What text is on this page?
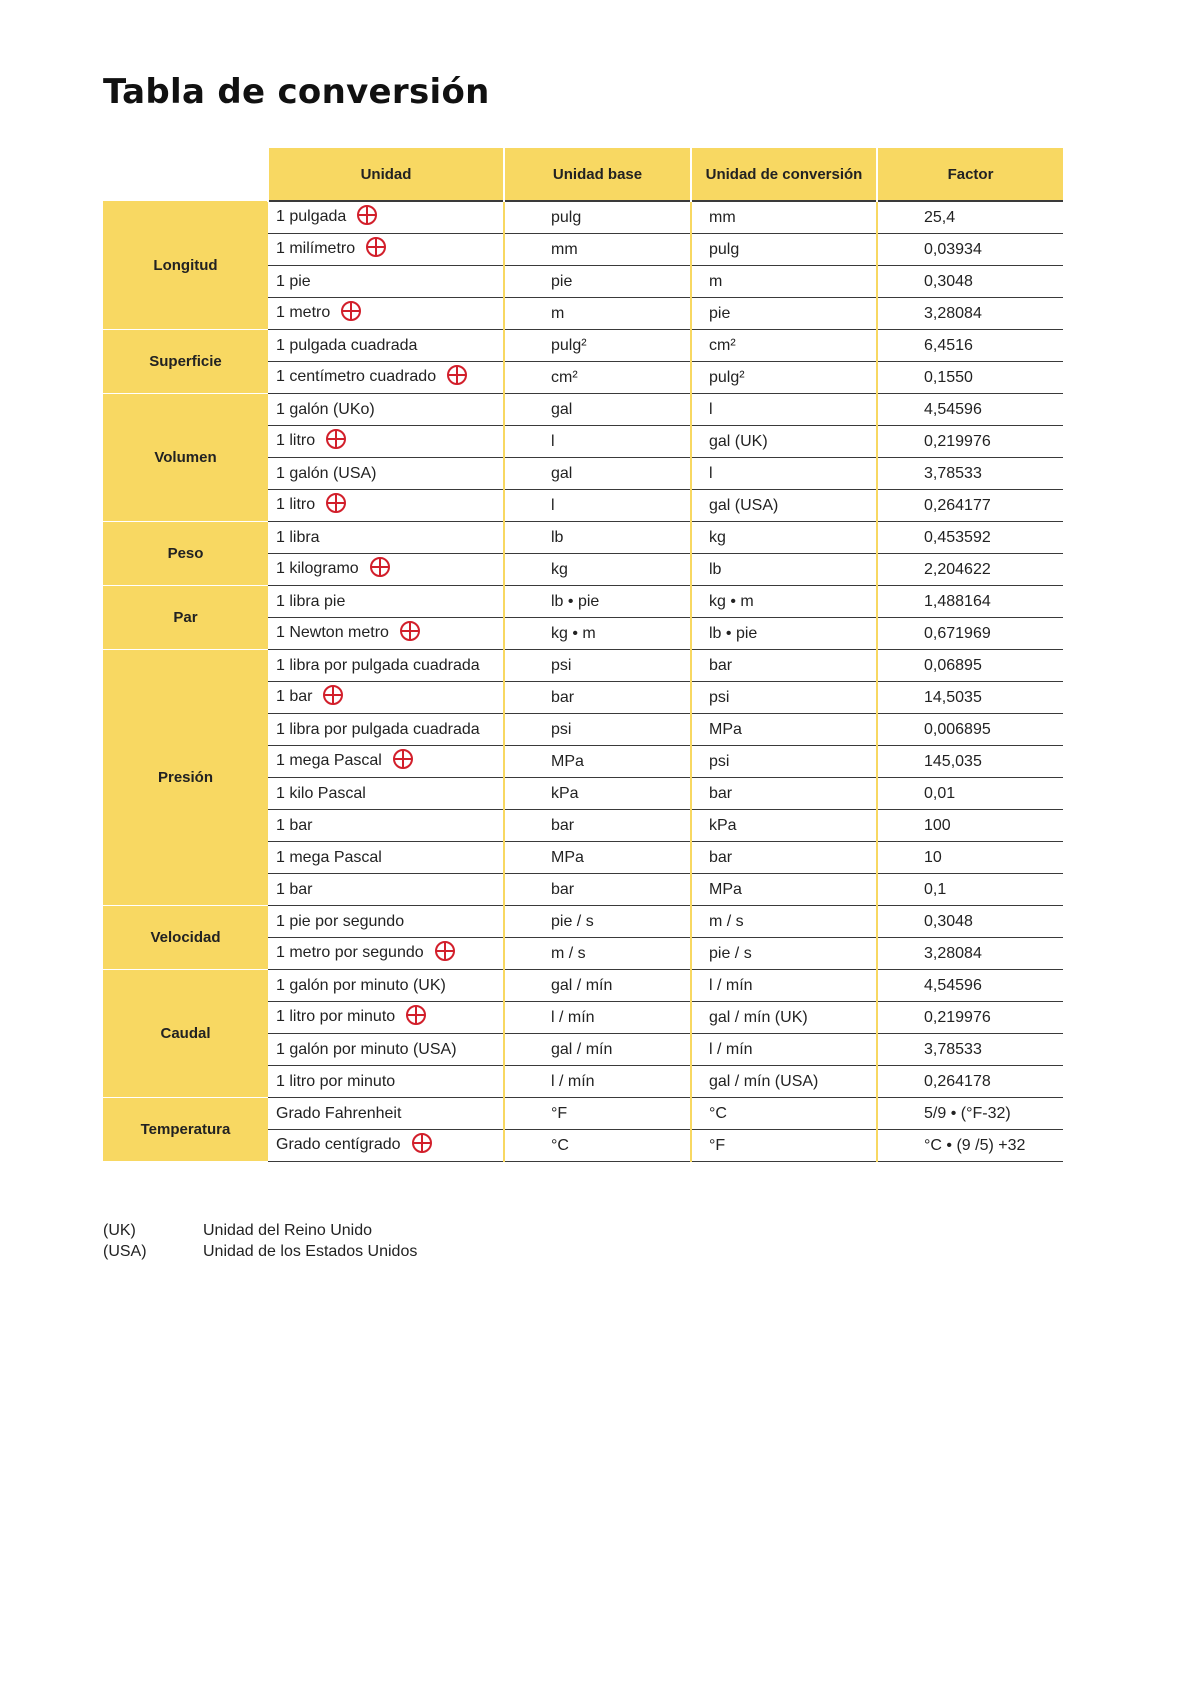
Tabla de conversión
	Unidad	Unidad base	Unidad de conversión	Factor
Longitud	1 pulgada	pulg	mm	25,4
	1 milímetro	mm	pulg	0,03934
	1 pie	pie	m	0,3048
	1 metro	m	pie	3,28084
Superficie	1 pulgada cuadrada	pulg²	cm²	6,4516
	1 centímetro cuadrado	cm²	pulg²	0,1550
Volumen	1 galón (UKo)	gal	l	4,54596
	1 litro	l	gal (UK)	0,219976
	1 galón (USA)	gal	l	3,78533
	1 litro	l	gal (USA)	0,264177
Peso	1 libra	lb	kg	0,453592
	1 kilogramo	kg	lb	2,204622
Par	1 libra pie	lb • pie	kg • m	1,488164
	1 Newton metro	kg • m	lb • pie	0,671969
Presión	1 libra por pulgada cuadrada	psi	bar	0,06895
	1 bar	bar	psi	14,5035
	1 libra por pulgada cuadrada	psi	MPa	0,006895
	1 mega Pascal	MPa	psi	145,035
	1 kilo Pascal	kPa	bar	0,01
	1 bar	bar	kPa	100
	1 mega Pascal	MPa	bar	10
	1 bar	bar	MPa	0,1
Velocidad	1 pie por segundo	pie / s	m / s	0,3048
	1 metro por segundo	m / s	pie / s	3,28084
Caudal	1 galón por minuto (UK)	gal / mín	l / mín	4,54596
	1 litro por minuto	l / mín	gal / mín (UK)	0,219976
	1 galón por minuto (USA)	gal / mín	l / mín	3,78533
	1 litro por minuto	l / mín	gal / mín (USA)	0,264178
Temperatura	Grado Fahrenheit	°F	°C	5/9 • (°F-32)
	Grado centígrado	°C	°F	°C • (9 /5) +32
(UK)	Unidad del Reino Unido
(USA)	Unidad de los Estados Unidos
